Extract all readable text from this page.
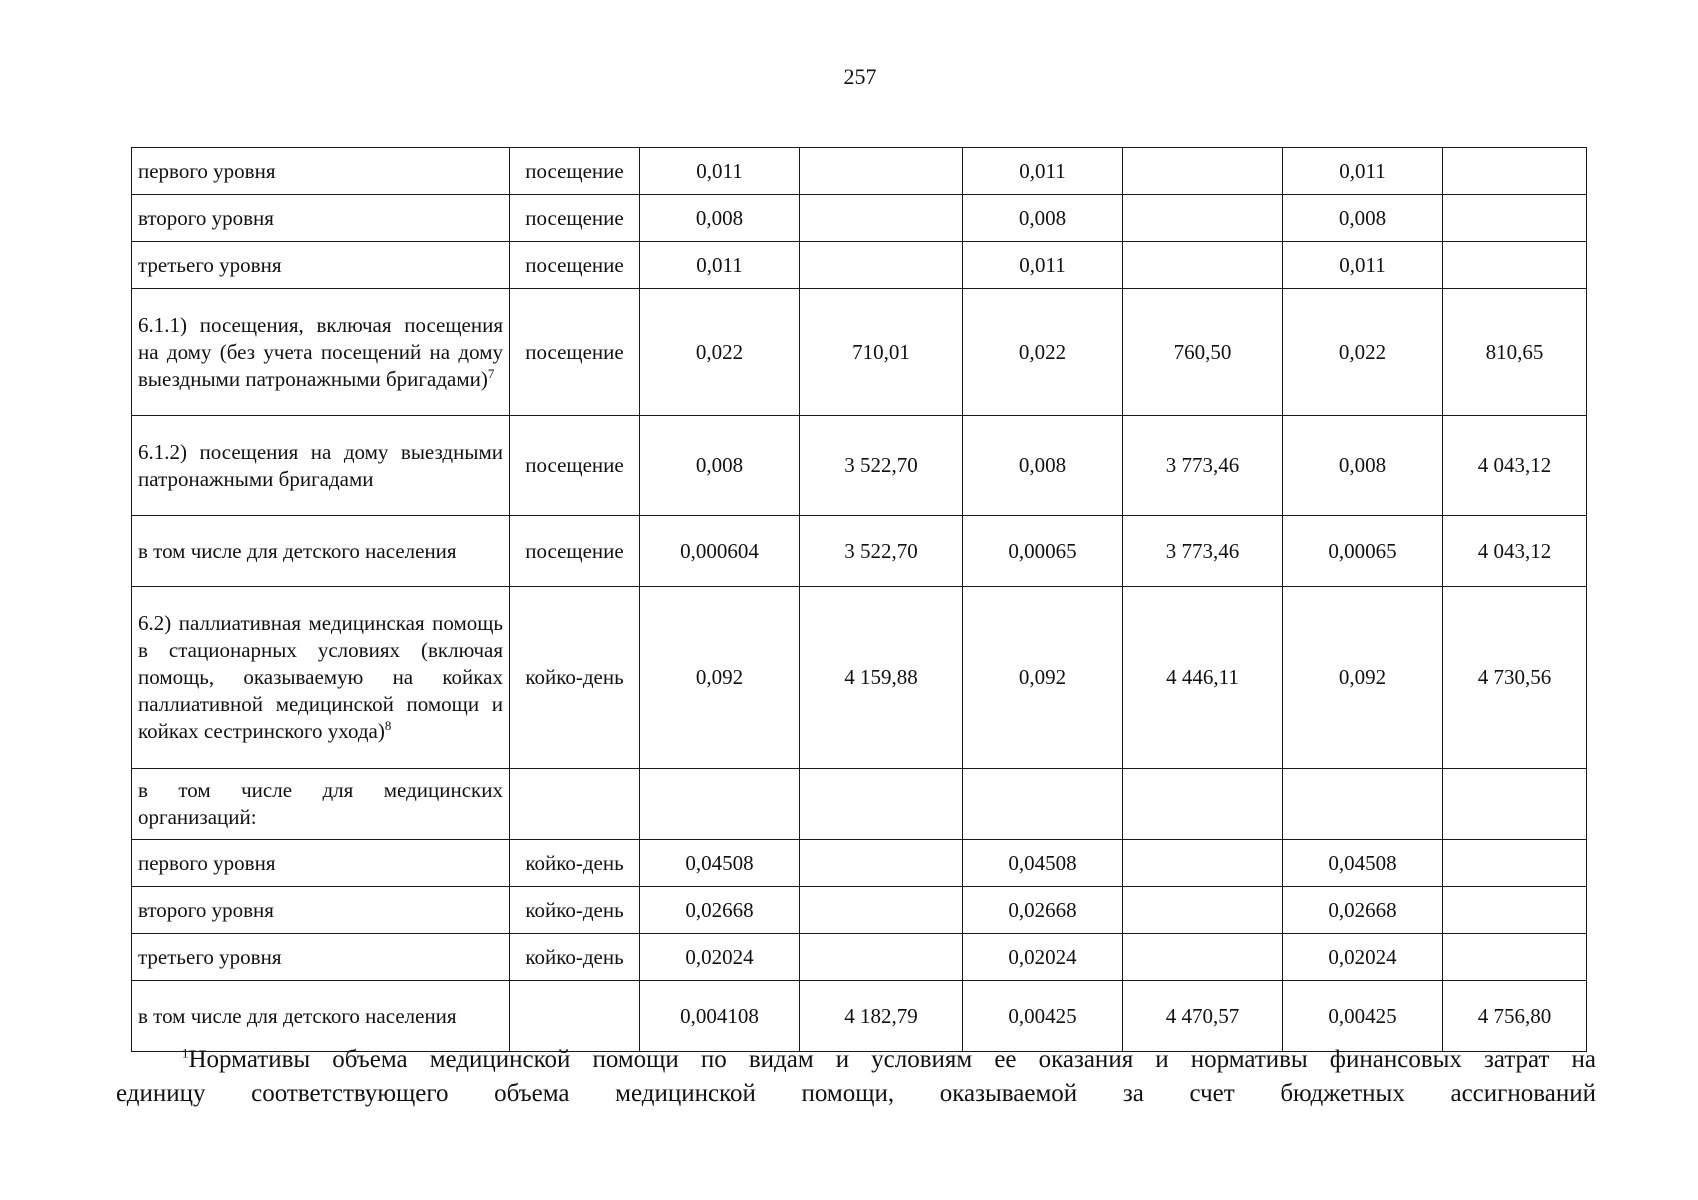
257
первого уровня	посещение	0,011		0,011		0,011	
второго уровня	посещение	0,008		0,008		0,008	
третьего уровня	посещение	0,011		0,011		0,011	
6.1.1) посещения, включая посещения на дому (без учета посещений на дому выездными патронажными бригадами)$^7$	посещение	0,022	710,01	0,022	760,50	0,022	810,65
6.1.2) посещения на дому выездными патронажными бригадами	посещение	0,008	3 522,70	0,008	3 773,46	0,008	4 043,12
в том числе для детского населения	посещение	0,000604	3 522,70	0,00065	3 773,46	0,00065	4 043,12
6.2) паллиативная медицинская помощь в стационарных условиях (включая помощь, оказываемую на койках паллиативной медицинской помощи и койках сестринского ухода)$^8$	койко-день	0,092	4 159,88	0,092	4 446,11	0,092	4 730,56
в том числе для медицинских организаций:							
первого уровня	койко-день	0,04508		0,04508		0,04508	
второго уровня	койко-день	0,02668		0,02668		0,02668	
третьего уровня	койко-день	0,02024		0,02024		0,02024	
в том числе для детского населения		0,004108	4 182,79	0,00425	4 470,57	0,00425	4 756,80
$^1$Нормативы объема медицинской помощи по видам и условиям ее оказания и нормативы финансовых затрат на
единицу соответствующего объема медицинской помощи, оказываемой за счет бюджетных ассигнований
